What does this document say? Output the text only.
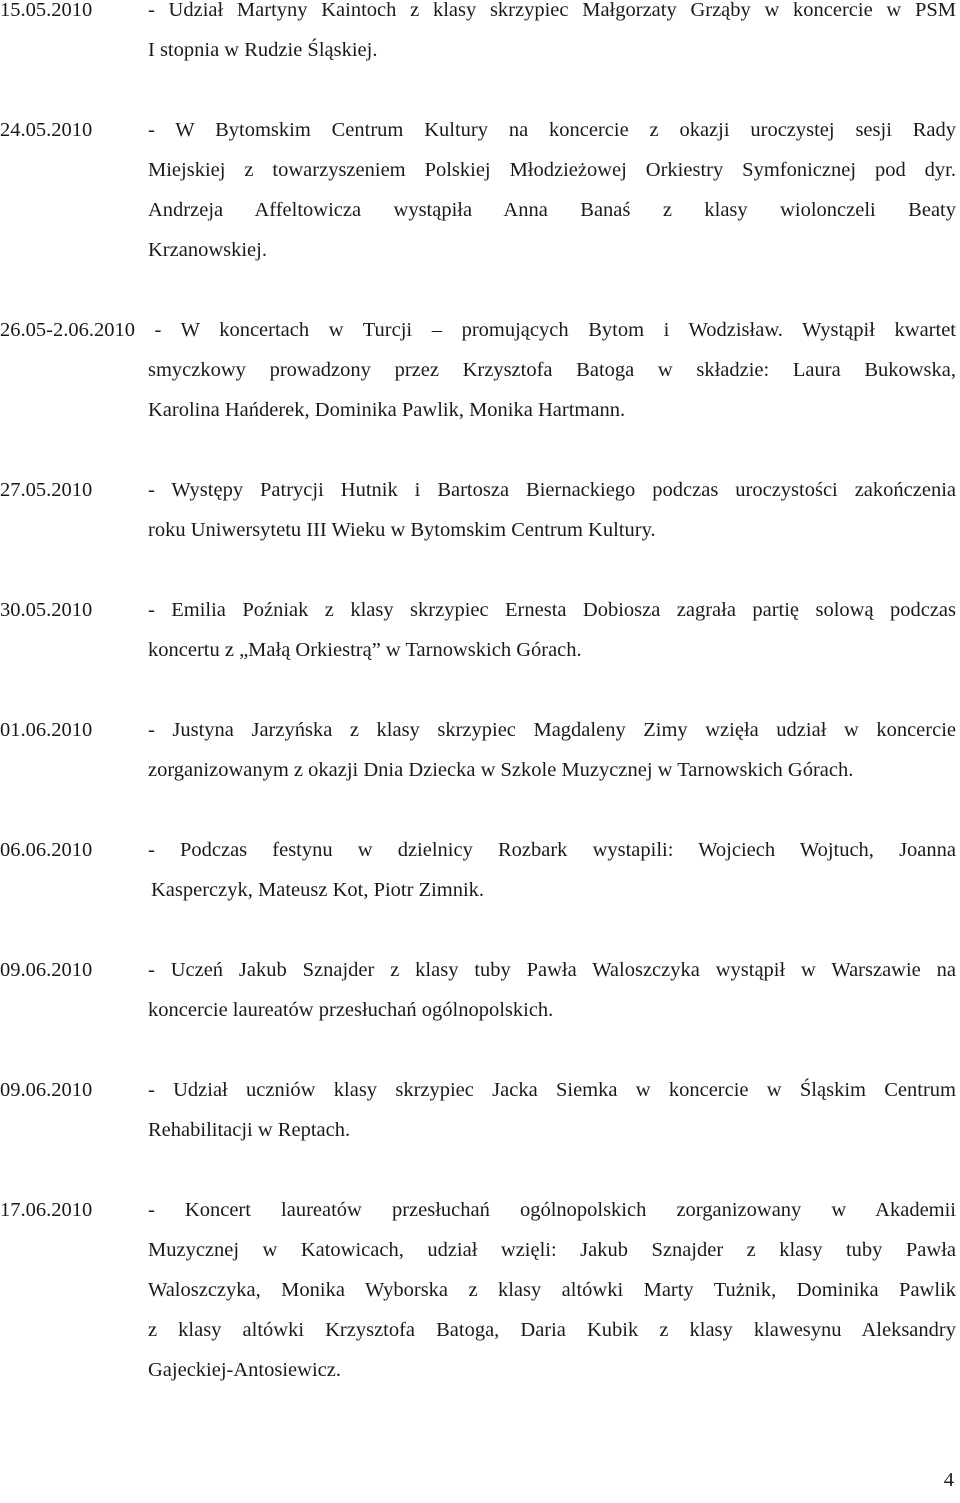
15.05.2010	- Udział Martyny Kaintoch z klasy skrzypiec Małgorzaty Grząby w koncercie w PSM
I stopnia w Rudzie Śląskiej.
24.05.2010	- W Bytomskim Centrum Kultury na koncercie z okazji uroczystej sesji Rady
Miejskiej z towarzyszeniem Polskiej Młodzieżowej Orkiestry Symfonicznej pod dyr.
Andrzeja Affeltowicza wystąpiła Anna Banaś z klasy wiolonczeli Beaty
Krzanowskiej.
26.05-2.06.2010 - W koncertach w Turcji – promujących Bytom i Wodzisław. Wystąpił kwartet
smyczkowy prowadzony przez Krzysztofa Batoga w składzie: Laura Bukowska,
Karolina Hańderek, Dominika Pawlik, Monika Hartmann.
27.05.2010	- Występy Patrycji Hutnik i Bartosza Biernackiego podczas uroczystości zakończenia
roku Uniwersytetu III Wieku w Bytomskim Centrum Kultury.
30.05.2010	- Emilia Poźniak z klasy skrzypiec Ernesta Dobiosza zagrała partię solową podczas
koncertu z „Małą Orkiestrą” w Tarnowskich Górach.
01.06.2010	- Justyna Jarzyńska z klasy skrzypiec Magdaleny Zimy wzięła udział w koncercie
zorganizowanym z okazji Dnia Dziecka w Szkole Muzycznej w Tarnowskich Górach.
06.06.2010	- Podczas festynu w dzielnicy Rozbark wystapili: Wojciech Wojtuch, Joanna
Kasperczyk, Mateusz Kot, Piotr Zimnik.
09.06.2010	- Uczeń Jakub Sznajder z klasy tuby Pawła Waloszczyka wystąpił w Warszawie na
koncercie laureatów przesłuchań ogólnopolskich.
09.06.2010	- Udział uczniów klasy skrzypiec Jacka Siemka w koncercie w Śląskim Centrum
Rehabilitacji w Reptach.
17.06.2010	- Koncert laureatów przesłuchań ogólnopolskich zorganizowany w Akademii
Muzycznej w Katowicach, udział wzięli: Jakub Sznajder z klasy tuby Pawła
Waloszczyka, Monika Wyborska z klasy altówki Marty Tużnik, Dominika Pawlik
z klasy altówki Krzysztofa Batoga, Daria Kubik z klasy klawesynu Aleksandry
Gajeckiej-Antosiewicz.
4
